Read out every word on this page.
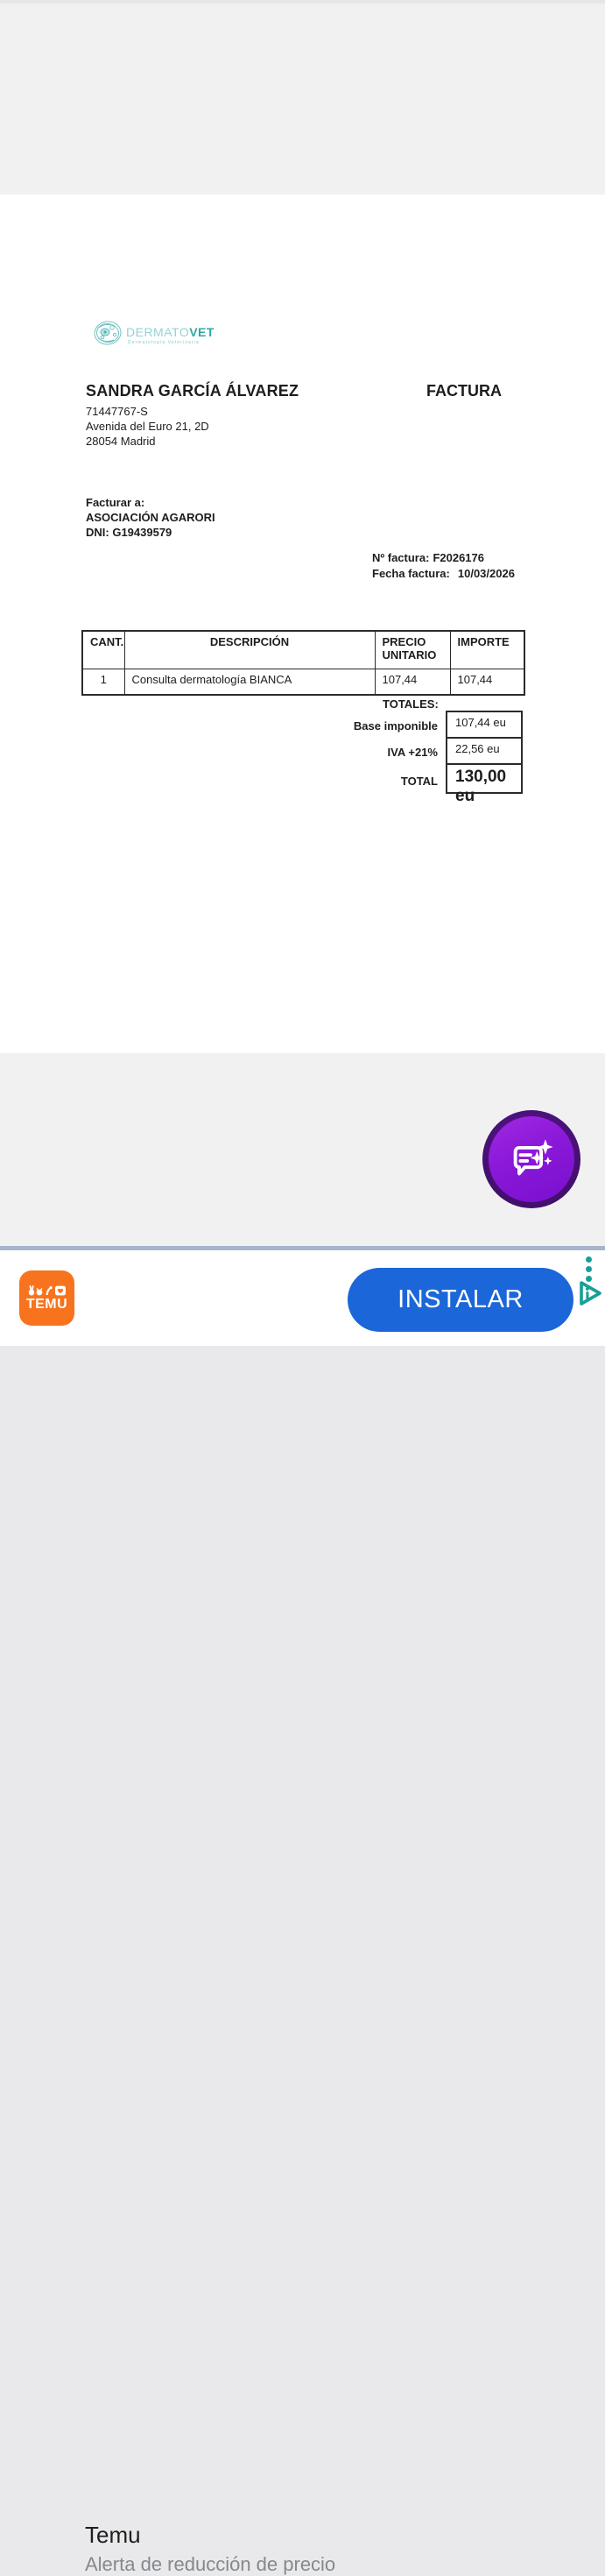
DERMATOVET
Dermatología Veterinaria
SANDRA GARCÍA ÁLVAREZ	FACTURA
71447767-S
Avenida del Euro 21, 2D
28054 Madrid
Facturar a:
ASOCIACIÓN AGARORI
DNI: G19439579
Nº factura: F2026176
Fecha factura: 10/03/2026
CANT.	DESCRIPCIÓN	PRECIO UNITARIO	IMPORTE
1	Consulta dermatología BIANCA	107,44	107,44
TOTALES:
Base imponible	107,44 eu
IVA +21%	22,56 eu
TOTAL	130,00 eu
TEMU
Temu
Alerta de reducción de precio
INSTALAR
